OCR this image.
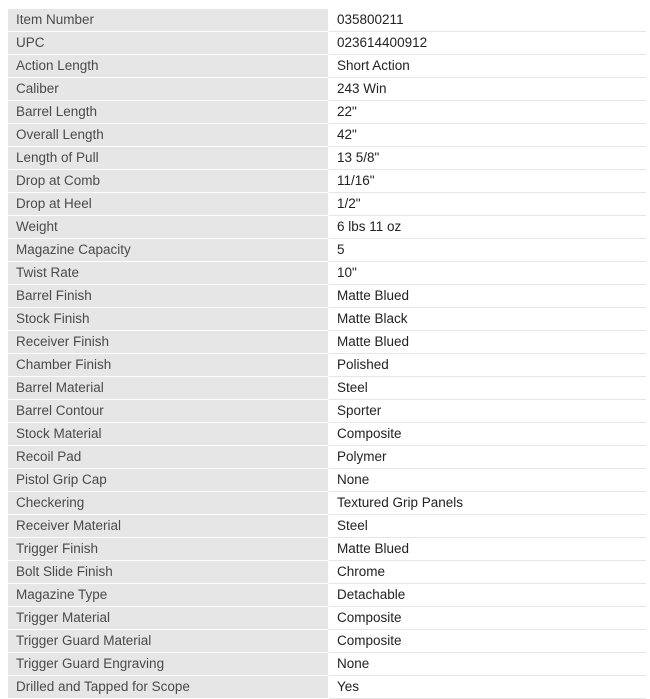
Item Number	035800211
UPC	023614400912
Action Length	Short Action
Caliber	243 Win
Barrel Length	22"
Overall Length	42"
Length of Pull	13 5/8"
Drop at Comb	11/16"
Drop at Heel	1/2"
Weight	6 lbs 11 oz
Magazine Capacity	5
Twist Rate	10"
Barrel Finish	Matte Blued
Stock Finish	Matte Black
Receiver Finish	Matte Blued
Chamber Finish	Polished
Barrel Material	Steel
Barrel Contour	Sporter
Stock Material	Composite
Recoil Pad	Polymer
Pistol Grip Cap	None
Checkering	Textured Grip Panels
Receiver Material	Steel
Trigger Finish	Matte Blued
Bolt Slide Finish	Chrome
Magazine Type	Detachable
Trigger Material	Composite
Trigger Guard Material	Composite
Trigger Guard Engraving	None
Drilled and Tapped for Scope	Yes
